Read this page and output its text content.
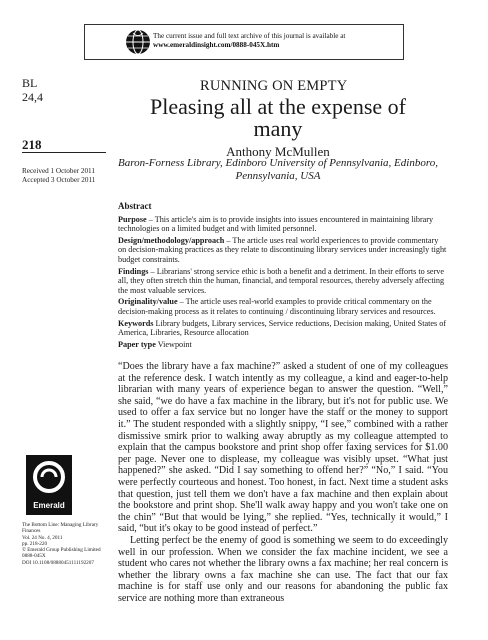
The current issue and full text archive of this journal is available at
www.emeraldinsight.com/0888-045X.htm
BL
24,4
218
Received 1 October 2011
Accepted 3 October 2011
RUNNING ON EMPTY
Pleasing all at the expense of
many
Anthony McMullen
Baron-Forness Library, Edinboro University of Pennsylvania, Edinboro,
Pennsylvania, USA
Abstract

Purpose – This article's aim is to provide insights into issues encountered in maintaining library technologies on a limited budget and with limited personnel.

Design/methodology/approach – The article uses real world experiences to provide commentary on decision-making practices as they relate to discontinuing library services under increasingly tight budget constraints.

Findings – Librarians' strong service ethic is both a benefit and a detriment. In their efforts to serve all, they often stretch thin the human, financial, and temporal resources, thereby adversely affecting the most valuable services.

Originality/value – The article uses real-world examples to provide critical commentary on the decision-making process as it relates to continuing / discontinuing library services and resources.

Keywords Library budgets, Library services, Service reductions, Decision making, United States of America, Libraries, Resource allocation

Paper type Viewpoint

“Does the library have a fax machine?” asked a student of one of my colleagues at the reference desk. I watch intently as my colleague, a kind and eager-to-help librarian with many years of experience began to answer the question. “Well,” she said, “we do have a fax machine in the library, but it's not for public use. We used to offer a fax service but no longer have the staff or the money to support it.” The student responded with a slightly snippy, “I see,” combined with a rather dismissive smirk prior to walking away abruptly as my colleague attempted to explain that the campus bookstore and print shop offer faxing services for $1.00 per page. Never one to displease, my colleague was visibly upset. “What just happened?” she asked. “Did I say something to offend her?” “No,” I said. “You were perfectly courteous and honest. Too honest, in fact. Next time a student asks that question, just tell them we don't have a fax machine and then explain about the bookstore and print shop. She'll walk away happy and you won't take one on the chin” “But that would be lying,” she replied. “Yes, technically it would,” I said, “but it's okay to be good instead of perfect.”

Letting perfect be the enemy of good is something we seem to do exceedingly well in our profession. When we consider the fax machine incident, we see a student who cares not whether the library owns a fax machine; her real concern is whether the library owns a fax machine she can use. The fact that our fax machine is for staff use only and our reasons for abandoning the public fax service are nothing more than extraneous

Emerald
The Bottom Line: Managing Library
Finances
Vol. 24 No. 4, 2011
pp. 218-220
© Emerald Group Publishing Limited
0888-045X
DOI 10.1108/08880451111192207
